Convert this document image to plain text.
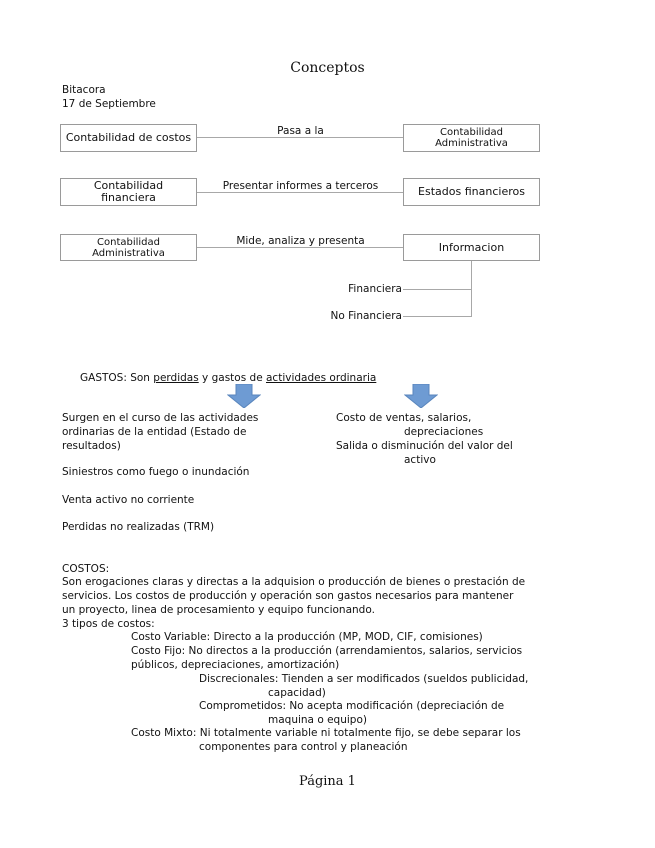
Conceptos
Bitacora
17 de Septiembre
Contabilidad de costos	Pasa a la	Contabilidad Administrativa
Contabilidad financiera
Presentar informes a terceros	Estados financieros
Contabilidad Administrativa
Mide, analiza y presenta	Informacion
Financiera
No Financiera
GASTOS: Son perdidas y gastos de actividades ordinaria
Surgen en el curso de las actividades
ordinarias de la entidad (Estado de
resultados)
Siniestros como fuego o inundación
Venta activo no corriente
Perdidas no realizadas (TRM)
Costo de ventas, salarios,
depreciaciones
Salida o disminución del valor del
activo
COSTOS:
Son erogaciones claras y directas a la adquision o producción de bienes o prestación de
servicios. Los costos de producción y operación son gastos necesarios para mantener
un proyecto, linea de procesamiento y equipo funcionando.
3 tipos de costos:
Costo Variable: Directo a la producción (MP, MOD, CIF, comisiones)
Costo Fijo: No directos a la producción (arrendamientos, salarios, servicios
públicos, depreciaciones, amortización)
Discrecionales: Tienden a ser modificados (sueldos publicidad,
capacidad)
Comprometidos: No acepta modificación (depreciación de
maquina o equipo)
Costo Mixto: Ni totalmente variable ni totalmente fijo, se debe separar los
componentes para control y planeación
Página 1
